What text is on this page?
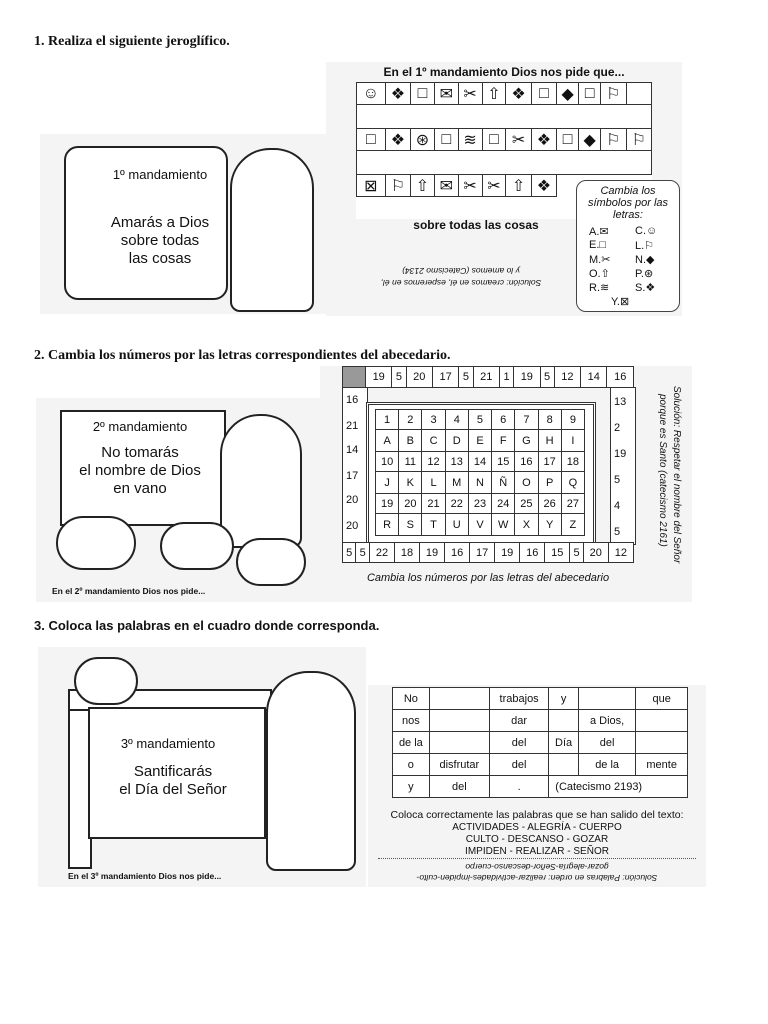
1. Realiza el siguiente jeroglífico.
1º mandamiento
Amarás a Dios
sobre todas
las cosas
En el 1º mandamiento Dios nos pide que...
☺	❖	□	✉	✂	⇧	❖	□	◆	□	⚐	

□	❖	⊛	□	≋	□	✂	❖	□	◆	⚐	⚐

⊠	⚐	⇧	✉	✂	✂	⇧	❖				

sobre todas las cosas
Cambia los símbolos por las letras:
A.✉ C.☺
E.□	L.⚐
M.✂ N.◆
O.⇧ P.⊛
R.≋ S.❖
Y.⊠
Solución: creamos en él, esperemos en él,
y lo amemos (Catecismo 2134)
2. Cambia los números por las letras correspondientes del abecedario.
2º mandamiento
No tomarás
el nombre de Dios
en vano
En el 2º mandamiento Dios nos pide...
	19	5	20	17	5	21	1	19	5	12	14	16
16
21
14
17
20
20
13
2
19
5
4
5
1	2	3	4	5	6	7	8	9
A	B	C	D	E	F	G	H	I
10	11	12	13	14	15	16	17	18
J	K	L	M	N	Ñ	O	P	Q
19	20	21	22	23	24	25	26	27
R	S	T	U	V	W	X	Y	Z
5	5	22	18	19	16	17	19	16	15	5	20	12
Cambia los números por las letras del abecedario
Solución: Respetar el nombre del Señor
porque es Santo (catecismo 2161)
3. Coloca las palabras en el cuadro donde corresponda.
3º mandamiento
Santificarás
el Día del Señor
En el 3º mandamiento Dios nos pide...
No		trabajos	y		que
nos		dar		a Dios,	
de la		del	Día	del	
o	disfrutar	del		de la	mente
y	del	.	(Catecismo 2193)		
Coloca correctamente las palabras que se han salido del texto:
ACTIVIDADES - ALEGRÍA - CUERPO
CULTO - DESCANSO - GOZAR
IMPIDEN - REALIZAR - SEÑOR
Solución: Palabras en orden: realizar-actividades-impiden-culto-
gozar-alegría-Señor-descanso-cuerpo
